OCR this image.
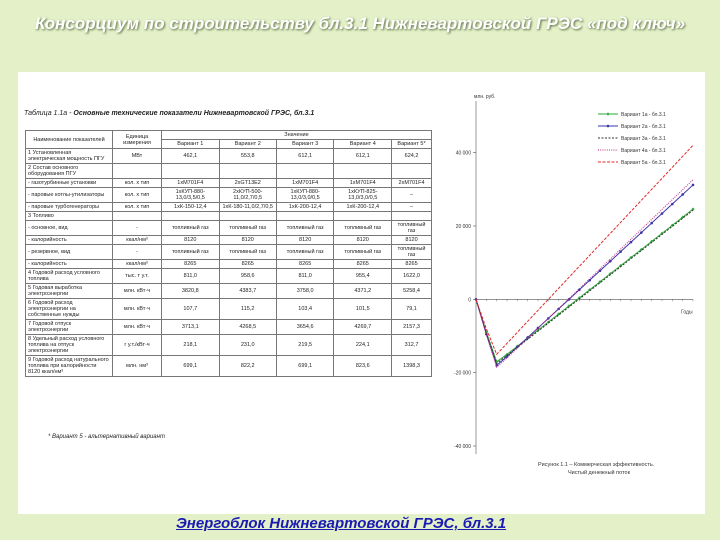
Консорциум по строительству бл.3.1 Нижневартовской ГРЭС «под ключ»
Таблица 1.1а - Основные технические показатели Нижневартовской ГРЭС, бл.3.1
Наименование показателей	Единица измерения	Значение				
		Вариант 1	Вариант 2	Вариант 3	Вариант 4	Вариант 5*
1 Установленная электрическая мощность ПГУ	МВт	462,1	553,8	612,1	612,1	624,2
2 Состав основного оборудования ПГУ						
- газотурбинные установки	кол. х тип	1хM701F4	2хGT13E2	1хM701F4	1хM701F4	2хM701F4
- паровые котлы-утилизаторы	кол. х тип	1хКУП-880-13,0/3,5/0,5	2хКУП-500-11,0/2,7/0,5	1хКУП-880-13,0/3,0/0,5	1хКУП-825-13,0/3,0/0,5	–
- паровые турбогенераторы	кол. х тип	1хК-150-12,4	1хК-180-11,0/2,7/0,5	1хК-200-12,4	1хК-200-12,4	–
3 Топливо						
- основное, вид	-	топливный газ	топливный газ	топливный газ	топливный газ	топливный газ
- калорийность	ккал/нм³	8120	8120	8120	8120	8120
- резервное, вид	-	топливный газ	топливный газ	топливный газ	топливный газ	топливный газ
- калорийность	ккал/нм³	8265	8265	8265	8265	8265
4 Годовой расход условного топлива	тыс. т у.т.	811,0	958,6	811,0	955,4	1622,0
5 Годовая выработка электроэнергии	млн. кВт·ч	3820,8	4383,7	3758,0	4371,2	5258,4
6 Годовой расход электроэнергии на собственные нужды	млн. кВт·ч	107,7	115,2	103,4	101,5	79,1
7 Годовой отпуск электроэнергии	млн. кВт·ч	3713,1	4268,5	3654,6	4269,7	2157,3
8 Удельный расход условного топлива на отпуск электроэнергии	г у.т./кВт·ч	218,1	231,0	219,5	224,1	312,7
9 Годовой расход натурального топлива при калорийности 8120 ккал/нм³	млн. нм³	699,1	822,2	699,1	823,6	1398,3
* Вариант 5 - альтернативный вариант
40 000
20 000
0
-20 000
-40 000
млн. руб.
Годы
Вариант 1а - бл.3.1
Вариант 2а - бл.3.1
Вариант 3а - бл.3.1
Вариант 4а - бл.3.1
Вариант 5а - бл.3.1
Рисунок 1.1 – Коммерческая эффективность.
Чистый денежный поток
Энергоблок Нижневартовской ГРЭС, бл.3.1
